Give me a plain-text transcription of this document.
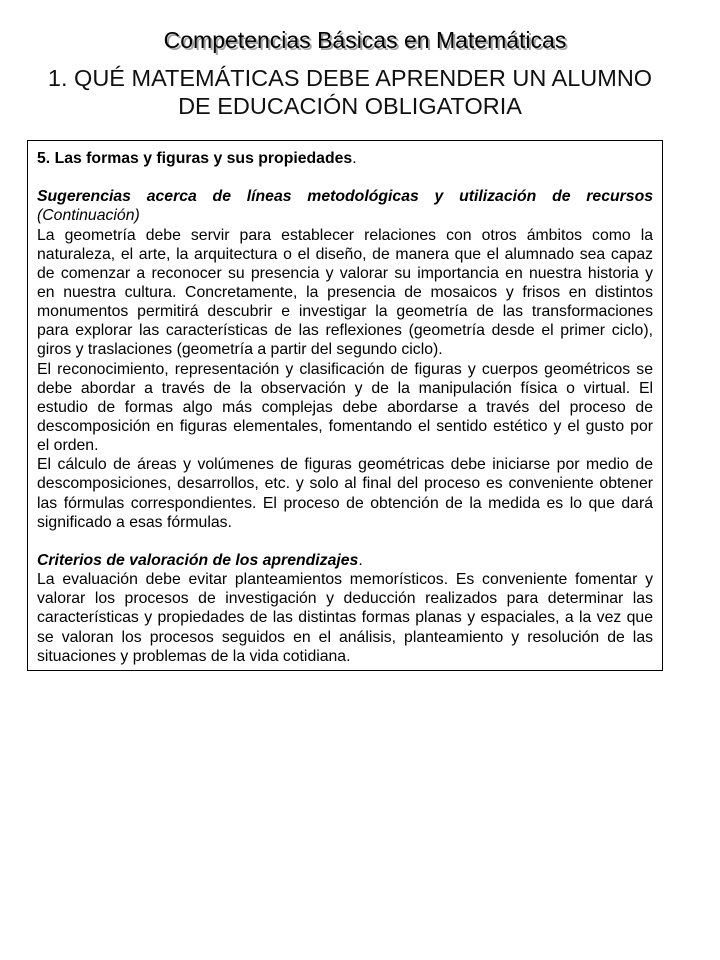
Competencias Básicas en Matemáticas
1. QUÉ MATEMÁTICAS DEBE APRENDER UN ALUMNO
DE EDUCACIÓN OBLIGATORIA
5. Las formas y figuras y sus propiedades.
Sugerencias acerca de líneas metodológicas y utilización de recursos
(Continuación)
La geometría debe servir para establecer relaciones con otros ámbitos como la
naturaleza, el arte, la arquitectura o el diseño, de manera que el alumnado sea capaz
de comenzar a reconocer su presencia y valorar su importancia en nuestra historia y
en nuestra cultura. Concretamente, la presencia de mosaicos y frisos en distintos
monumentos permitirá descubrir e investigar la geometría de las transformaciones
para explorar las características de las reflexiones (geometría desde el primer ciclo),
giros y traslaciones (geometría a partir del segundo ciclo).
El reconocimiento, representación y clasificación de figuras y cuerpos geométricos se
debe abordar a través de la observación y de la manipulación física o virtual. El
estudio de formas algo más complejas debe abordarse a través del proceso de
descomposición en figuras elementales, fomentando el sentido estético y el gusto por
el orden.
El cálculo de áreas y volúmenes de figuras geométricas debe iniciarse por medio de
descomposiciones, desarrollos, etc. y solo al final del proceso es conveniente obtener
las fórmulas correspondientes. El proceso de obtención de la medida es lo que dará
significado a esas fórmulas.
Criterios de valoración de los aprendizajes.
La evaluación debe evitar planteamientos memorísticos. Es conveniente fomentar y
valorar los procesos de investigación y deducción realizados para determinar las
características y propiedades de las distintas formas planas y espaciales, a la vez que
se valoran los procesos seguidos en el análisis, planteamiento y resolución de las
situaciones y problemas de la vida cotidiana.
